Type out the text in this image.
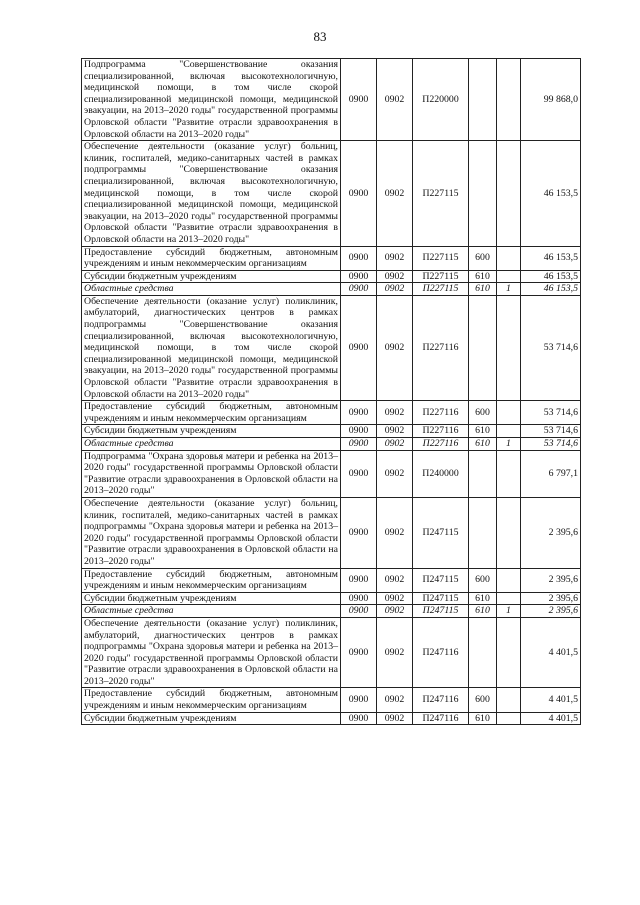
83
Подпрограмма "Совершенствование оказания специализированной, включая высокотехнологичную, медицинской помощи, в том числе скорой специализированной медицинской помощи, медицинской эвакуации, на 2013–2020 годы" государственной программы Орловской области "Развитие отрасли здравоохранения в Орловской области на 2013–2020 годы"	0900	0902	П220000			99 868,0
Обеспечение деятельности (оказание услуг) больниц, клиник, госпиталей, медико-санитарных частей в рамках подпрограммы "Совершенствование оказания специализированной, включая высокотехнологичную, медицинской помощи, в том числе скорой специализированной медицинской помощи, медицинской эвакуации, на 2013–2020 годы" государственной программы Орловской области "Развитие отрасли здравоохранения в Орловской области на 2013–2020 годы"	0900	0902	П227115			46 153,5
Предоставление субсидий бюджетным, автономным учреждениям и иным некоммерческим организациям	0900	0902	П227115	600		46 153,5
Субсидии бюджетным учреждениям	0900	0902	П227115	610		46 153,5
Областные средства	0900	0902	П227115	610	1	46 153,5
Обеспечение деятельности (оказание услуг) поликлиник, амбулаторий, диагностических центров в рамках подпрограммы "Совершенствование оказания специализированной, включая высокотехнологичную, медицинской помощи, в том числе скорой специализированной медицинской помощи, медицинской эвакуации, на 2013–2020 годы" государственной программы Орловской области "Развитие отрасли здравоохранения в Орловской области на 2013–2020 годы"	0900	0902	П227116			53 714,6
Предоставление субсидий бюджетным, автономным учреждениям и иным некоммерческим организациям	0900	0902	П227116	600		53 714,6
Субсидии бюджетным учреждениям	0900	0902	П227116	610		53 714,6
Областные средства	0900	0902	П227116	610	1	53 714,6
Подпрограмма "Охрана здоровья матери и ребенка на 2013–2020 годы" государственной программы Орловской области "Развитие отрасли здравоохранения в Орловской области на 2013–2020 годы"	0900	0902	П240000			6 797,1
Обеспечение деятельности (оказание услуг) больниц, клиник, госпиталей, медико-санитарных частей в рамках подпрограммы "Охрана здоровья матери и ребенка на 2013–2020 годы" государственной программы Орловской области "Развитие отрасли здравоохранения в Орловской области на 2013–2020 годы"	0900	0902	П247115			2 395,6
Предоставление субсидий бюджетным, автономным учреждениям и иным некоммерческим организациям	0900	0902	П247115	600		2 395,6
Субсидии бюджетным учреждениям	0900	0902	П247115	610		2 395,6
Областные средства	0900	0902	П247115	610	1	2 395,6
Обеспечение деятельности (оказание услуг) поликлиник, амбулаторий, диагностических центров в рамках подпрограммы "Охрана здоровья матери и ребенка на 2013–2020 годы" государственной программы Орловской области "Развитие отрасли здравоохранения в Орловской области на 2013–2020 годы"	0900	0902	П247116			4 401,5
Предоставление субсидий бюджетным, автономным учреждениям и иным некоммерческим организациям	0900	0902	П247116	600		4 401,5
Субсидии бюджетным учреждениям	0900	0902	П247116	610		4 401,5
